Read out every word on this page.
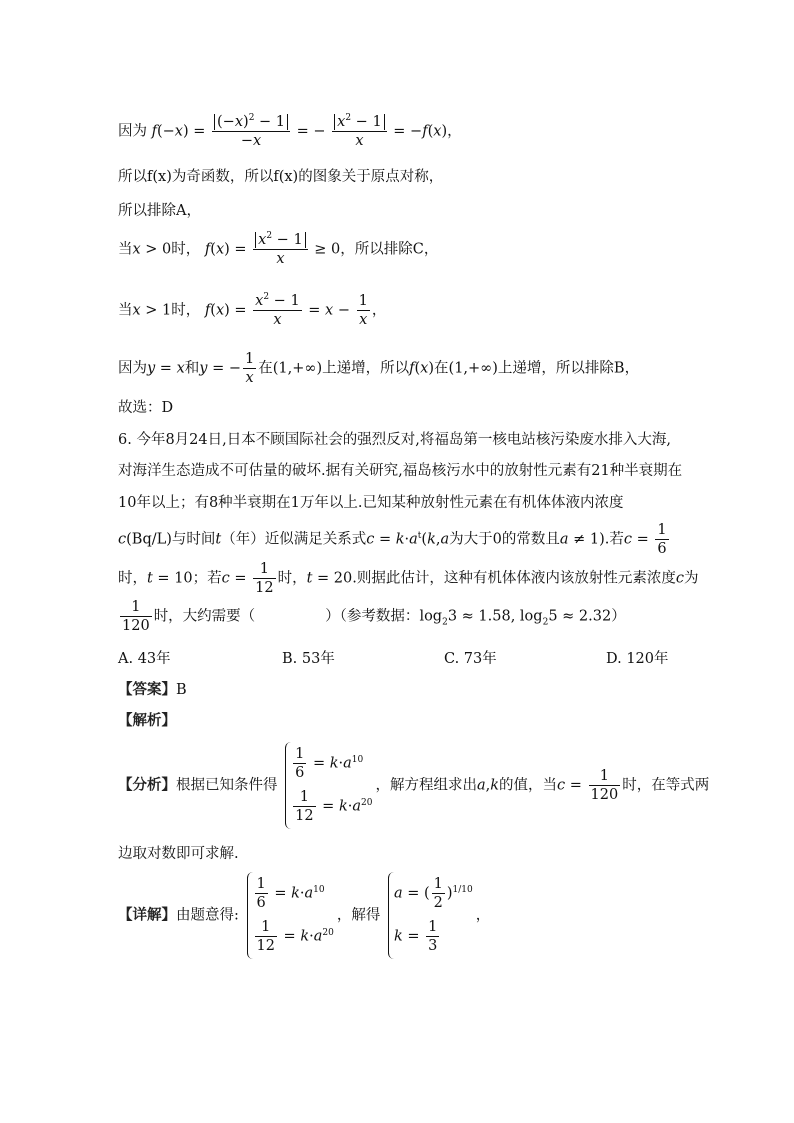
因为 $f(-x) = \frac{(-x)^2 - 1}{-x}$ = − $\frac{x^2 - 1}{x} = -f(x)$，
所以f(x)为奇函数，所以f(x)的图象关于原点对称，
所以排除A，
当x > 0时， $f(x) = \frac{x^2 - 1}{x} \ge 0$，所以排除C，
当x > 1时， $f(x) = \frac{x^2 - 1}{x} = x - \frac{1}{x}$ ，
因为y = x和y = − $\frac{1}{x}$ 在(1,+∞)上递增，所以f(x)在(1,+∞)上递增，所以排除B，
故选：D
6. 今年8月24日,日本不顾国际社会的强烈反对,将福岛第一核电站核污染废水排入大海,
对海洋生态造成不可估量的破坏.据有关研究,福岛核污水中的放射性元素有21种半衰期在
10年以上；有8种半衰期在1万年以上.已知某种放射性元素在有机体体液内浓度
c(Bq/L)与时间t（年）近似满足关系式$c = k\cdot a^t(k,a$为大于0的常数且a ≠ 1).若$c = \frac{1}{6}$
时，t = 10；若$c = \frac{1}{12}$ 时，t = 20.则据此估计，这种有机体体液内该放射性元素浓度c为
$\frac{1}{120}$ 时，大约需要（	）（参考数据：$\log_23 \approx 1.58$, $\log_25 \approx 2.32$）
A. 43年	B. 53年	C. 73年	D. 120年
【答案】B
【解析】
【分析】根据已知条件得
$\frac{1}{6} = k\cdot a^{10}$
$\frac{1}{12} = k\cdot a^{20}$
，解方程组求出a,k的值，当$c = \frac{1}{120}$ 时，在等式两
边取对数即可求解.
【详解】由题意得:
$\frac{1}{6} = k\cdot a^{10}$
$\frac{1}{12} = k\cdot a^{20}$
，解得
a = ( $\frac{1}{2} )^{1/10}$
$k = \frac{1}{3}$
，
